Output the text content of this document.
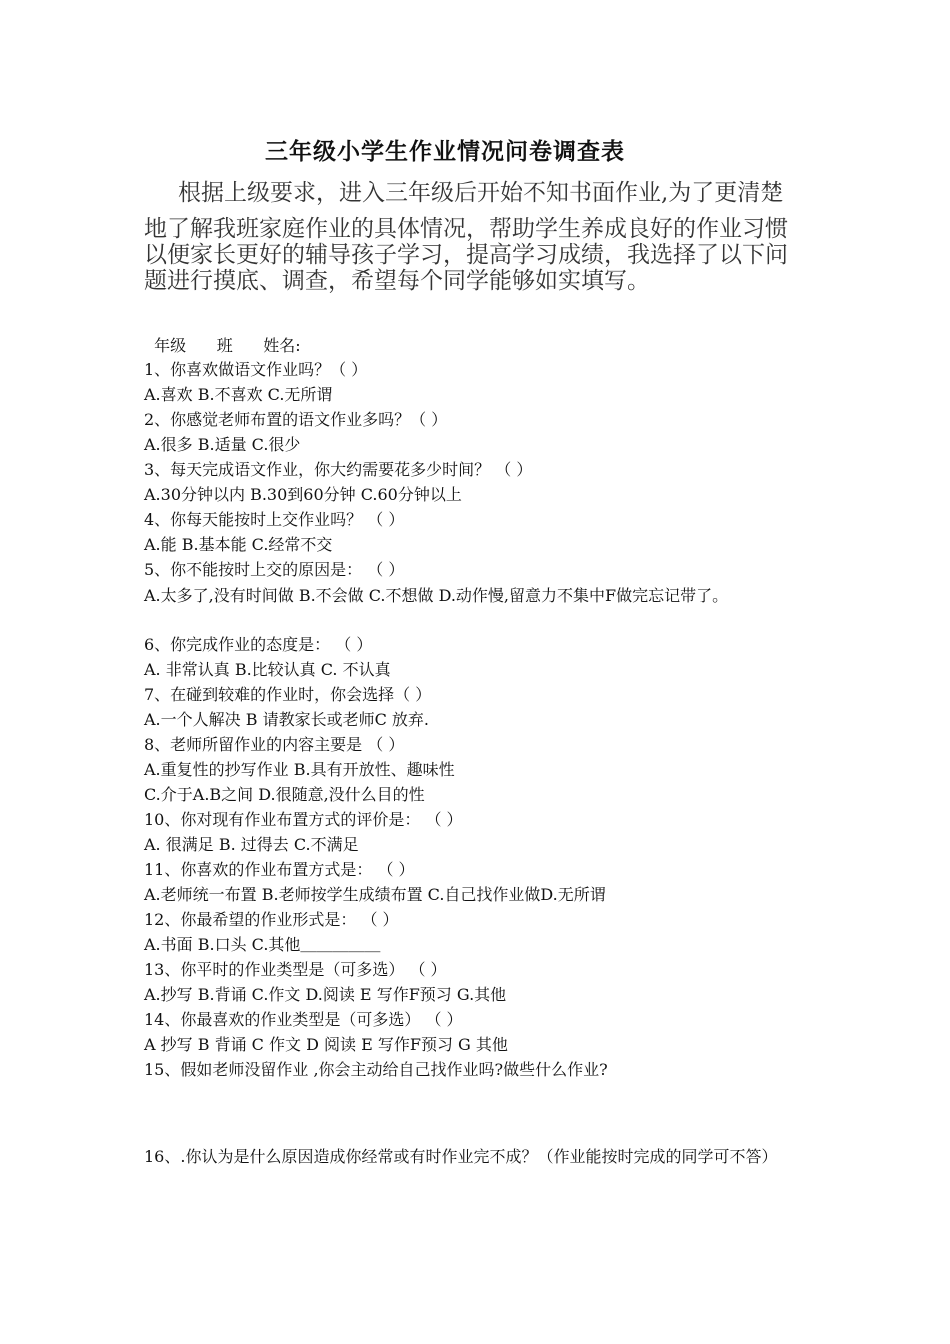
三年级小学生作业情况问卷调查表

根据上级要求，进入三年级后开始不知书面作业,为了更清楚

地了解我班家庭作业的具体情况，帮助学生养成良好的作业习惯

以便家长更好的辅导孩子学习，提高学习成绩，我选择了以下问

题进行摸底、调查，希望每个同学能够如实填写。

年级      班      姓名:
1、你喜欢做语文作业吗？（ ）
A.喜欢 B.不喜欢 C.无所谓
2、你感觉老师布置的语文作业多吗？（ ）
A.很多 B.适量 C.很少
3、每天完成语文作业，你大约需要花多少时间？ （ ）
A.30分钟以内 B.30到60分钟 C.60分钟以上
4、你每天能按时上交作业吗？ （ ）
A.能 B.基本能 C.经常不交
5、你不能按时上交的原因是： （ ）
A.太多了,没有时间做 B.不会做 C.不想做 D.动作慢,留意力不集中F做完忘记带了。
6、你完成作业的态度是： （ ）
A. 非常认真 B.比较认真 C. 不认真
7、在碰到较难的作业时，你会选择（ ）
A.一个人解决 B 请教家长或老师C 放弃.
8、老师所留作业的内容主要是 （ ）
A.重复性的抄写作业 B.具有开放性、趣味性
C.介于A.B之间 D.很随意,没什么目的性
10、你对现有作业布置方式的评价是： （ ）
A. 很满足 B. 过得去 C.不满足
11、你喜欢的作业布置方式是： （ ）
A.老师统一布置 B.老师按学生成绩布置 C.自己找作业做D.无所谓
12、你最希望的作业形式是： （ ）
A.书面 B.口头 C.其他＿＿＿＿＿
13、你平时的作业类型是（可多选） （ ）
A.抄写 B.背诵 C.作文 D.阅读 E 写作F预习 G.其他
14、你最喜欢的作业类型是（可多选） （ ）
A 抄写 B 背诵 C 作文 D 阅读 E 写作F预习 G 其他
15、假如老师没留作业 ,你会主动给自己找作业吗?做些什么作业?
16、.你认为是什么原因造成你经常或有时作业完不成？（作业能按时完成的同学可不答）
